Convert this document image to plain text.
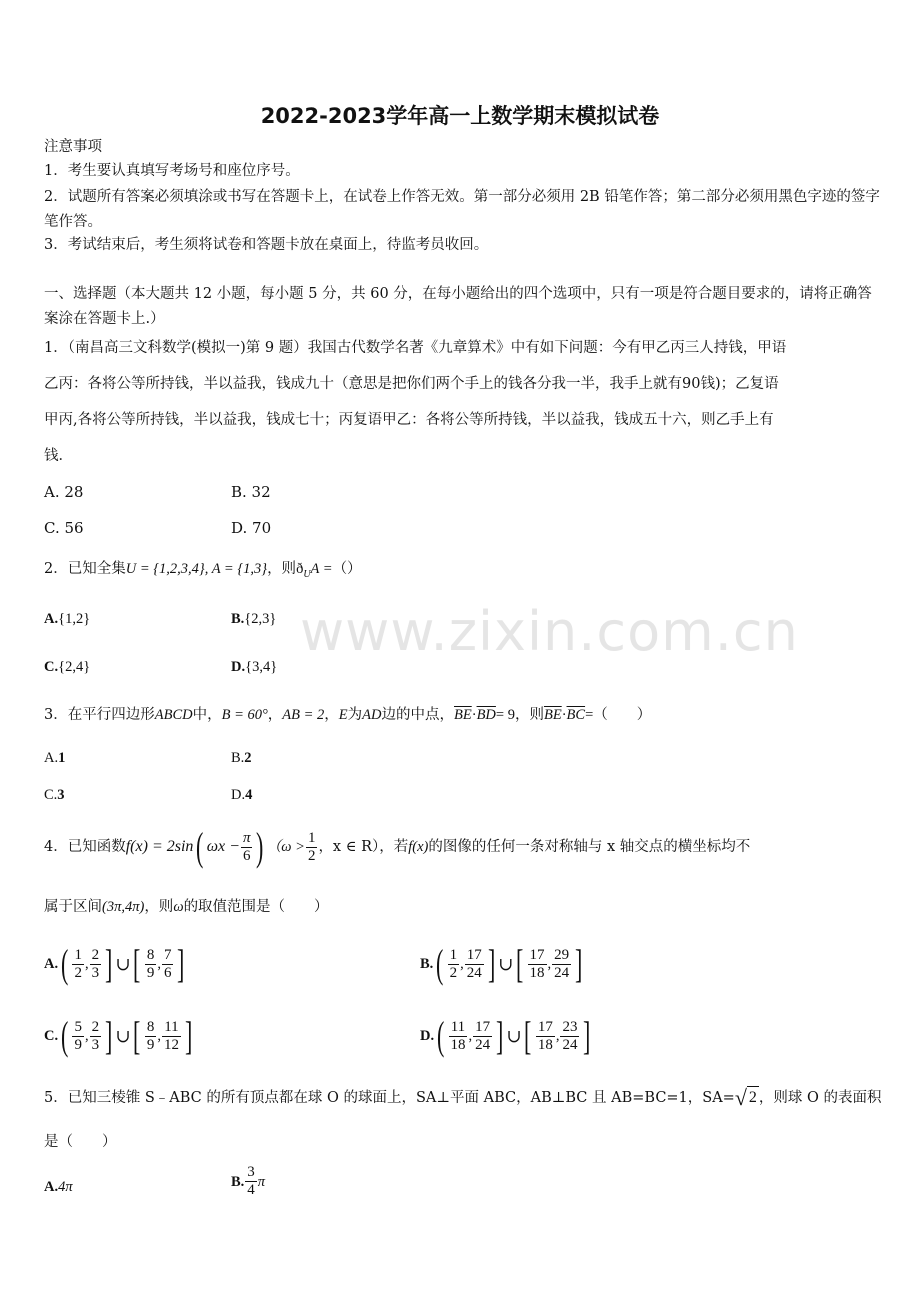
www.zixin.com.cn
2022-2023学年高一上数学期末模拟试卷
注意事项
1．考生要认真填写考场号和座位序号。
2．试题所有答案必须填涂或书写在答题卡上，在试卷上作答无效。第一部分必须用 2B 铅笔作答；第二部分必须用黑色字迹的签字笔作答。
3．考试结束后，考生须将试卷和答题卡放在桌面上，待监考员收回。
一、选择题（本大题共 12 小题，每小题 5 分，共 60 分，在每小题给出的四个选项中，只有一项是符合题目要求的，请将正确答案涂在答题卡上.）
1．（南昌高三文科数学(模拟一)第 9 题）我国古代数学名著《九章算术》中有如下问题：今有甲乙丙三人持钱，甲语
乙丙：各将公等所持钱，半以益我，钱成九十（意思是把你们两个手上的钱各分我一半，我手上就有90钱)；乙复语
甲丙,各将公等所持钱，半以益我，钱成七十；丙复语甲乙：各将公等所持钱，半以益我，钱成五十六，则乙手上有
钱．
A. 28	B. 32
C. 56	D. 70
2．已知全集U = {1,2,3,4}, A = {1,3}，则$ð_UA$ =（）
A.{1,2}	B.{2,3}
C.{2,4}	D.{3,4}
3．在平行四边形ABCD中，B = 60°，AB = 2，E为AD边的中点，$\overline{BE}\cdot\overline{BD}= 9$，则$\overline{BE}\cdot\overline{BC}=$（　　）
A.1	B.2
C.3	D.4
4．已知函数 f(x) = 2sin ( $\omega x - \frac{\pi}{6}$ ) （$\omega > \frac{1}{2}$ ，x ∈ R），若 f(x) 的图像的任何一条对称轴与 x 轴交点的横坐标均不
属于区间(3π,4π)，则ω的取值范围是（　　）
A. ( $\frac{1}{2}$ , $\frac{2}{3}$ ] ∪ [ $\frac{8}{9}$ , $\frac{7}{6}$ ]	B. ( $\frac{1}{2}$ , $\frac{17}{24}$ ] ∪ [ $\frac{17}{18}$ , $\frac{29}{24}$ ]
C. ( $\frac{5}{9}$ , $\frac{2}{3}$ ] ∪ [ $\frac{8}{9}$ , $\frac{11}{12}$ ]	D. ( $\frac{11}{18}$ , $\frac{17}{24}$ ] ∪ [ $\frac{17}{18}$ , $\frac{23}{24}$ ]
5．已知三棱锥 S﹣ABC 的所有顶点都在球 O 的球面上，SA⊥平面 ABC，AB⊥BC 且 AB=BC=1，SA= √ 2 ，则球 O 的表面积
是（　　）
A.4π	B. $\frac{3}{4}$ π
